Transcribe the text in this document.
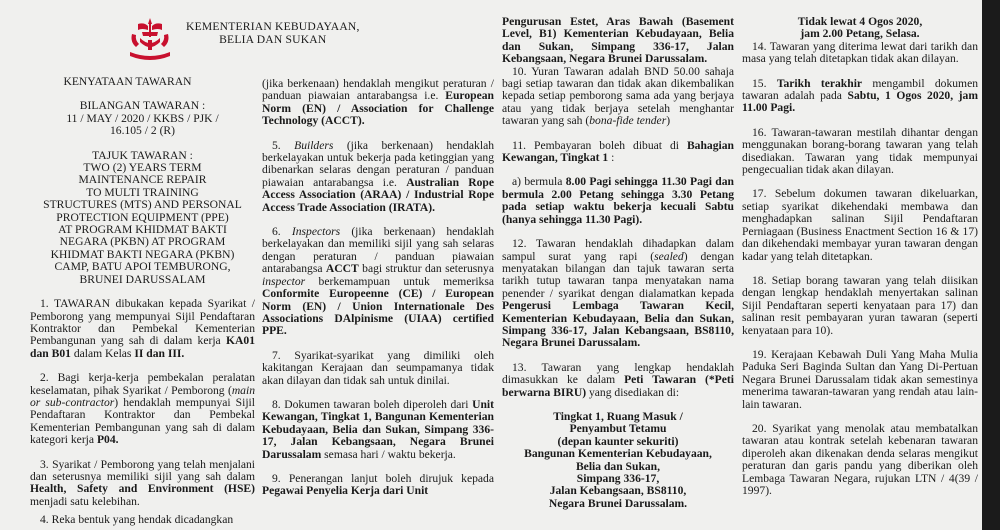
KEMENTERIAN KEBUDAYAAN,
BELIA DAN SUKAN

KENYATAAN TAWARAN

BILANGAN TAWARAN :

11 / MAY / 2020 / KKBS / PJK /

16.105 / 2 (R)

TAJUK TAWARAN :

TWO (2) YEARS TERM

MAINTENANCE REPAIR

TO MULTI TRAINING

STRUCTURES (MTS) AND PERSONAL

PROTECTION EQUIPMENT (PPE)

AT PROGRAM KHIDMAT BAKTI

NEGARA (PKBN) AT PROGRAM

KHIDMAT BAKTI NEGARA (PKBN)

CAMP, BATU APOI TEMBURONG,

BRUNEI DARUSSALAM

1. TAWARAN dibukakan kepada Syarikat / Pemborong yang mempunyai Sijil Pendaftaran Kontraktor dan Pembekal Kementerian Pembangunan yang sah di dalam kerja KA01 dan B01 dalam Kelas II dan III.

2. Bagi kerja-kerja pembekalan peralatan keselamatan, pihak Syarikat / Pemborong (main or sub-contractor) hendaklah mempunyai Sijil Pendaftaran Kontraktor dan Pembekal Kementerian Pembangunan yang sah di dalam kategori kerja P04.

3. Syarikat / Pemborong yang telah menjalani dan seterusnya memiliki sijil yang sah dalam Health, Safety and Environment (HSE) menjadi satu kelebihan.

4. Reka bentuk yang hendak dicadangkan

(jika berkenaan) hendaklah mengikut peraturan / panduan piawaian antarabangsa i.e. European Norm (EN) / Association for Challenge Technology (ACCT).

5. Builders (jika berkenaan) hendaklah berkelayakan untuk bekerja pada ketinggian yang dibenarkan selaras dengan peraturan / panduan piawaian antarabangsa i.e. Australian Rope Access Association (ARAA) / Industrial Rope Access Trade Association (IRATA).

6. Inspectors (jika berkenaan) hendaklah berkelayakan dan memiliki sijil yang sah selaras dengan peraturan / panduan piawaian antarabangsa ACCT bagi struktur dan seterusnya inspector berkemampuan untuk memeriksa Conformite Europeenne (CE) / European Norm (EN) / Union Internationale Des Associations DAlpinisme (UIAA) certified PPE.

7. Syarikat-syarikat yang dimiliki oleh kakitangan Kerajaan dan seumpamanya tidak akan dilayan dan tidak sah untuk dinilai.

8. Dokumen tawaran boleh diperoleh dari Unit Kewangan, Tingkat 1, Bangunan Kementerian Kebudayaan, Belia dan Sukan, Simpang 336-17, Jalan Kebangsaan, Negara Brunei Darussalam semasa hari / waktu bekerja.

9. Penerangan lanjut boleh dirujuk kepada Pegawai Penyelia Kerja dari Unit

Pengurusan Estet, Aras Bawah (Basement Level, B1) Kementerian Kebudayaan, Belia dan Sukan, Simpang 336-17, Jalan Kebangsaan, Negara Brunei Darussalam.

10. Yuran Tawaran adalah BND 50.00 sahaja bagi setiap tawaran dan tidak akan dikembalikan kepada setiap pemborong sama ada yang berjaya atau yang tidak berjaya setelah menghantar tawaran yang sah (bona-fide tender)

11. Pembayaran boleh dibuat di Bahagian Kewangan, Tingkat 1 :

a) bermula 8.00 Pagi sehingga 11.30 Pagi dan bermula 2.00 Petang sehingga 3.30 Petang pada setiap waktu bekerja kecuali Sabtu (hanya sehingga 11.30 Pagi).

12. Tawaran hendaklah dihadapkan dalam sampul surat yang rapi (sealed) dengan menyatakan bilangan dan tajuk tawaran serta tarikh tutup tawaran tanpa menyatakan nama penender / syarikat dengan dialamatkan kepada Pengerusi Lembaga Tawaran Kecil, Kementerian Kebudayaan, Belia dan Sukan, Simpang 336-17, Jalan Kebangsaan, BS8110, Negara Brunei Darussalam.

13. Tawaran yang lengkap hendaklah dimasukkan ke dalam Peti Tawaran (*Peti berwarna BIRU) yang disediakan di:

Tingkat 1, Ruang Masuk /

Penyambut Tetamu

(depan kaunter sekuriti)

Bangunan Kementerian Kebudayaan,

Belia dan Sukan,

Simpang 336-17,

Jalan Kebangsaan, BS8110,

Negara Brunei Darussalam.

Tidak lewat 4 Ogos 2020,

jam 2.00 Petang, Selasa.

14. Tawaran yang diterima lewat dari tarikh dan masa yang telah ditetapkan tidak akan dilayan.

15. Tarikh terakhir mengambil dokumen tawaran adalah pada Sabtu, 1 Ogos 2020, jam 11.00 Pagi.

16. Tawaran-tawaran mestilah dihantar dengan menggunakan borang-borang tawaran yang telah disediakan. Tawaran yang tidak mempunyai pengecualian tidak akan dilayan.

17. Sebelum dokumen tawaran dikeluarkan, setiap syarikat dikehendaki membawa dan menghadapkan salinan Sijil Pendaftaran Perniagaan (Business Enactment Section 16 & 17) dan dikehendaki membayar yuran tawaran dengan kadar yang telah ditetapkan.

18. Setiap borang tawaran yang telah diisikan dengan lengkap hendaklah menyertakan salinan Sijil Pendaftaran seperti kenyataan para 17) dan salinan resit pembayaran yuran tawaran (seperti kenyataan para 10).

19. Kerajaan Kebawah Duli Yang Maha Mulia Paduka Seri Baginda Sultan dan Yang Di-Pertuan Negara Brunei Darussalam tidak akan semestinya menerima tawaran-tawaran yang rendah atau lain-lain tawaran.

20. Syarikat yang menolak atau membatalkan tawaran atau kontrak setelah kebenaran tawaran diperoleh akan dikenakan denda selaras mengikut peraturan dan garis pandu yang diberikan oleh Lembaga Tawaran Negara, rujukan LTN / 4(39 / 1997).
